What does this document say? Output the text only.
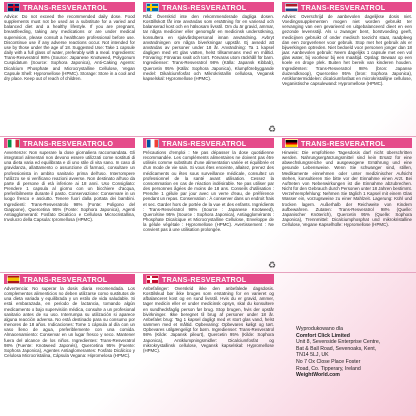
TRANS-RESVERATROL

Advice: Do not exceed the recommended daily dose. Food supplements must not be used as a substitute for a varied and balanced diet and a healthy lifestyle. If you are pregnant, breastfeeding, taking any medications or are under medical supervision, please consult a healthcare professional before use. Discontinue use if any adverse reactions occur. Not intended for use by those under the age of 18. Suggested Use: Take 1 capsule daily with a full glass of water, preferably with a meal. Ingredients: Trans-Resveratrol 98% (Source: Japanese Knotweed, Polygonum Cuspidatum (Source: Sophora Japonica), Anti-Caking Agents: Dicalcium Phosphate and Microcrystalline Cellulose, Vegan Capsule Shell: Hypromellose (HPMC). Storage: Store in a cool and dry place. Keep out of reach of children.

TRANS-RESVERATROLO

Avvertenze: Non superare la dose giornaliera raccomandata. Gli integratori alimentari non devono essere utilizzati come sostituti di una dieta varia ed equilibrata e di uno stile di vita sano. In caso di gravidanza, allattamento o assunzione di farmaci, consultare un professionista in ambito sanitario prima dell'uso. Interrompere l'utilizzo se si verificano reazioni avverse. Non destinato all'uso da parte di persone di età inferiore ai 18 anni. Uso Consigliato: Prendere 1 capsula al giorno con un bicchiere d'acqua, preferibilmente durante il pasto. Conservazione: Conservare in un luogo fresco e asciutto. Tenere fuori dalla portata dei bambini. Ingredienti: Trans-Resveratrolo 98% (Fonte: Poligono del Giappone), Quercetina 95% (Fonte: Sophora Japonica), Agenti Antiagglomeranti: Fosfato Dicalcico e Cellulosa Microcristallina, Involucro della Capsula: Ipromellosa (HPMC).

TRANS-RESVERATROL

Advertencia: No superar la dosis diaria recomendada. Los complementos alimenticios no deben utilizarse como sustitutos de una dieta variada y equilibrada y un estilo de vida saludable. Si está embarazada, en periodo de lactancia, tomando algún medicamento o bajo supervisión médica, consulte a un profesional sanitario antes de su uso. Interrumpa su utilización si aparece alguna reacción adversa. No está destinado para su consumo por menores de 18 años. Indicaciones: Tome 1 cápsula al día con un vaso lleno de agua, preferiblemente con una comida. Almacenamiento: Conservar en un lugar fresco y seco. Mantener fuera del alcance de los niños. Ingredientes: Trans-Resveratrol 98% (Fuente: Knotweed Japonés), Quercetina 95% (Fuente: Sophora Japonica), Agentes Antiaglomerantes: Fosfato Dicálcico y Celulosa Microcristalina, Cápsula Vegana: Hipromelosa (HPMC).

TRANS-RESVERATROL

Råd: Överskrid inte den rekommenderade dagliga dosen. Kosttillskott får inte användas som ersättning för en varierad och balanserad kost och en hälsosam livsstil. Om du är gravid, ammar, tar några mediciner eller genomgår en medicinsk undersökning, konsultera en sjukvårdspersonal innan användning. Avbryt användningen om några biverkningar uppstår. Ej avsedd att användas av personer under 18 år. Användning: Ta 1 kapsel dagligen med ett glas vatten, helst tillsammans med en måltid. Förvaring: Förvaras svalt och torrt. Förvaras utom räckhåll för barn. Ingredienser: Trans-Resveratrol 98% (Källa: Japansk Kibbab), Quercetin 95% (Källa: Sophora Japonica), Klumpförebyggande medel: Dikalciumfosfat och Mikrokristallin cellulosa, Vegansk kapselskal: Hypromellose (HPMC).

TRANS-RESVERATROL

Précautions d'emploi : Ne pas dépasser la dose quotidienne recommandée. Les compléments alimentaires ne doivent pas être utilisés comme substituts d'une alimentation variée et équilibrée et d'un mode de vie sain. Si vous êtes enceinte, allaitez, prenez des médicaments ou êtes sous surveillance médicale, consultez un professionnel de la santé avant utilisation. Cessez la consommation en cas de réaction indésirable. Ne pas utiliser par des personnes âgées de moins de 18 ans. Conseils d'utilisation : Prendre 1 gélule par jour avec un verre d'eau, de préférence pendant un repas. Conservation : À conserver dans un endroit frais et sec. Garder hors de portée de la vue et des enfants. Ingrédients : Trans-Resvératrol 98% (Source : Japanese Knotweed), Quercétine 95% (Source : Sophora Japonica), Antiagglomérants : Phosphate Dicalcique et Microcrystalline Cellulose, Enveloppe de la gélule végétale : Hypromellose (HPMC). Avertissement : Ne convient pas à une utilisation prolongée.

TRANS-RESVERATROL

Anbefalinger: Overskrid ikke den anbefalede dagsdosis. Kosttilskud bør ikke bruges som erstatning for en varieret og afbalanceret kost og en sund livsstil. Hvis du er gravid, ammer, tager medicin eller er under medicinsk opsyn, skal du konsultere en sundhedsfaglig person før brug. Stop brugen, hvis der opstår bivirkninger. Ikke beregnet til brug af personer under 18 år. Anbefalet brug: Tag 1 kapsel dagligt med et stort glas vand, helst sammen med et måltid. Opbevaring: Opbevares køligt og tørt. Opbevares utilgængeligt for børn. Ingredienser: Trans-Resveratrol 98% (Kilde: Japansk pileurt), Quercetin 95% (Kilde: Sophora Japonica), Antiklumpningsmidler: Dicalciumfosfat og mikrokrystallinsk cellulose, Vegansk kapselskal: Hypromellose (HPMC).

TRANS-RESVERATROL

Advies: Overschrijd de aanbevolen dagelijkse dosis niet. Voedingssupplementen mogen niet worden gebruikt ter vervanging van een gevarieerd en uitgebalanceerd dieet en een gezonde levensstijl. Als u zwanger bent, borstvoeding geeft, medicijnen gebruikt of onder medisch toezicht staat, raadpleeg dan een zorgverlener voor gebruik. Stop met het gebruik als er bijwerkingen optreden. Niet bedoeld voor personen jonger dan 18 jaar. Aanbevolen gebruik: Neem dagelijks 1 capsule met een vol glas water, bij voorkeur bij een maaltijd. Opslag: Bewaar op een koele en droge plek. Buiten het bereik van kinderen houden. Ingrediënten: Trans-Resveratrol 98% (bron: Japanse duizendknoop), Quercetine 95% (bron: Sophora Japonica), Antiklontermiddelen: dicalciumfosfaat en microkristallijne cellulose, Veganistische capsulewand: Hypromellose (HPMC).

TRANS-RESVERATROL

Hinweis: Die empfohlene Tagesdosis darf nicht überschritten werden. Nahrungsergänzungsmittel sind kein Ersatz für eine abwechslungsreiche und ausgewogene Ernährung und eine gesunde Lebensweise. Wenn Sie schwanger sind, stillen, Medikamente einnehmen oder unter medizinischer Aufsicht stehen, konsultieren Sie bitte vor der Einnahme einen Arzt. Bei Auftreten von Nebenwirkungen ist die Einnahme abzubrechen. Nicht für den Gebrauch durch Personen unter 18 Jahren bestimmt. Verzehrempfehlung: Nehmen Sie täglich 1 Kapsel mit einem Glas Wasser ein, vorzugsweise zu einer Mahlzeit. Lagerung: Kühl und trocken lagern. Außerhalb der Reichweite von Kindern aufbewahren. Zutaten: Trans-Resveratrol 98% (Quelle: Japanischer Knöterich), Quercetin 95% (Quelle: Sophora Japonica), Trennmittel: Dicalciumphosphat und mikrokristalline Cellulose, Vegane Kapselhülle: Hypromellose (HPMC).

♻
♻
Wyprodukowano dla
Comfort Click Limited
Unit 8, Sevenside Enterprise Centre,
Bat & Ball Road, Sevenoaks, Kent,
TN14 5LJ, UK
No 7 Ox Close Place Foster
Road, Co. Tipperary, Ireland
WeightWorld.com
